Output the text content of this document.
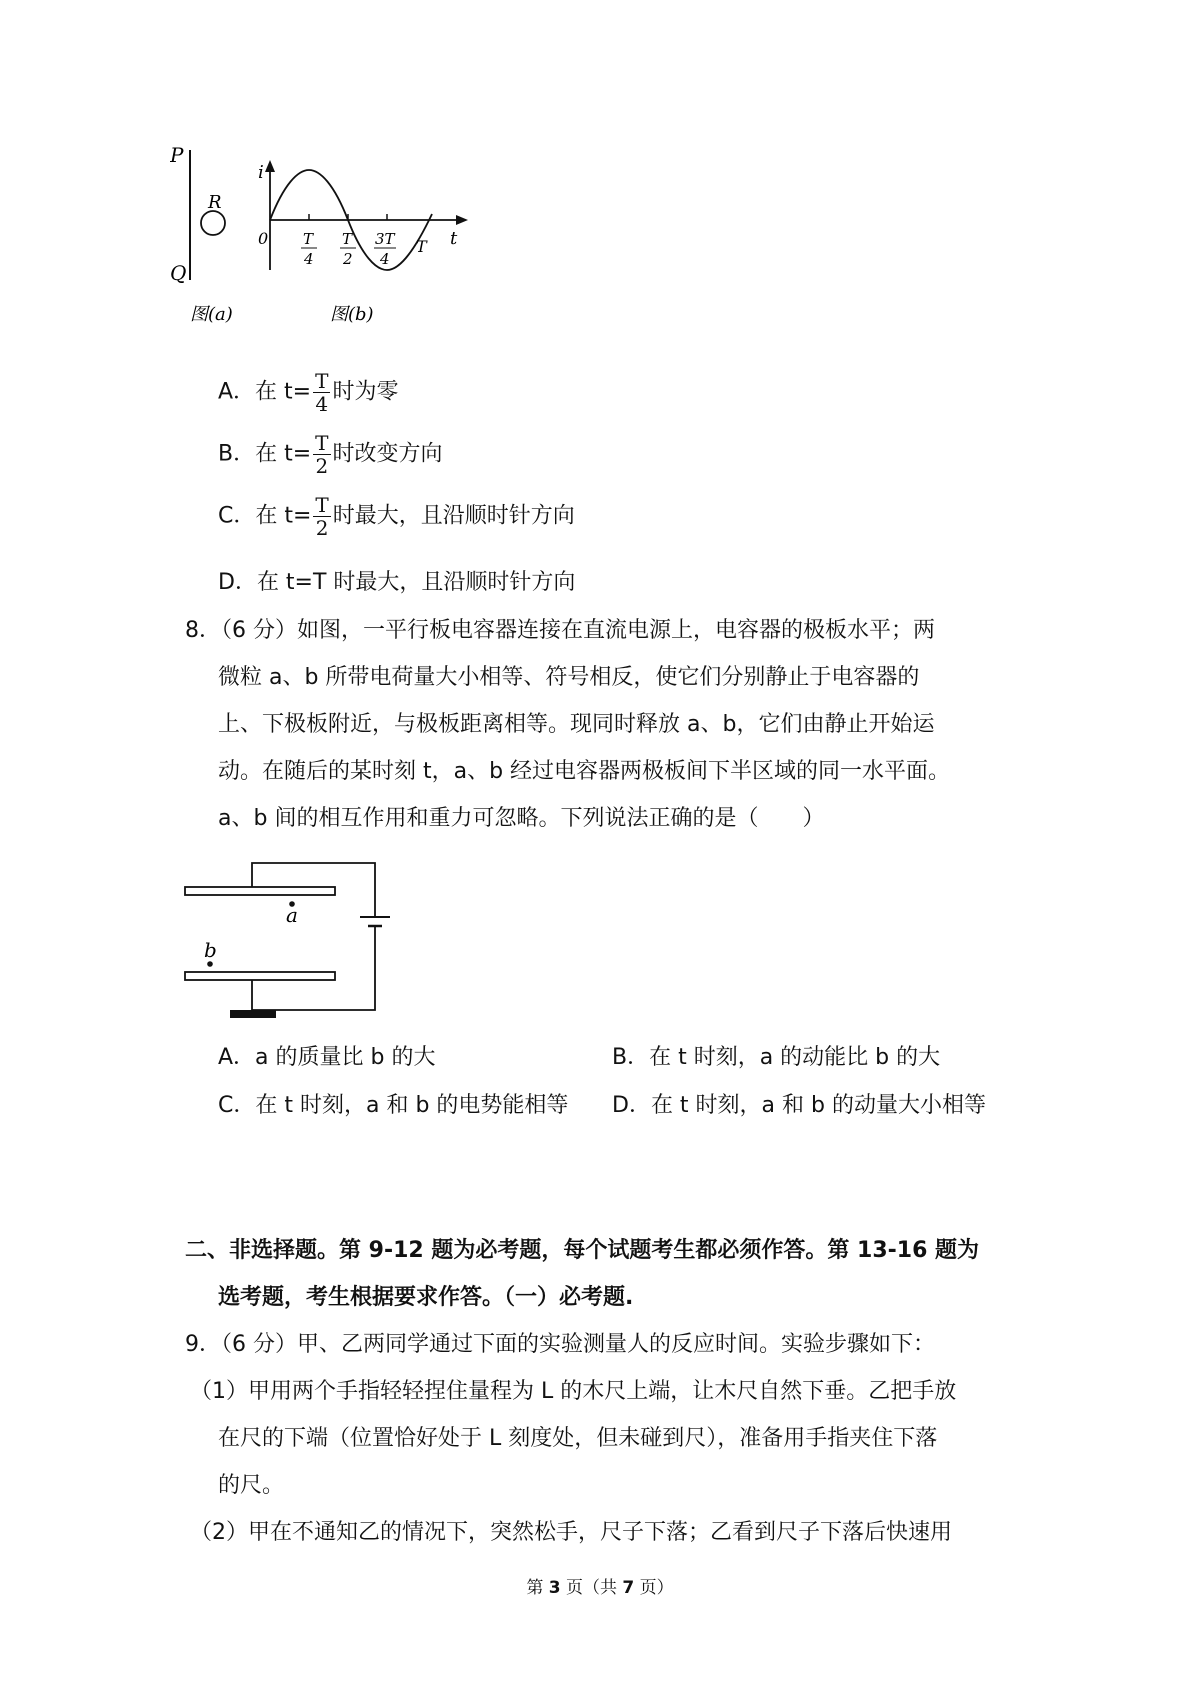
P
Q
R
i
t
0 T
4
T
2
3T
4
T
图(a)	图(b)
A．在 $t= \frac{T}{4}$ 时为零
B．在 $t= \frac{T}{2}$ 时改变方向
C．在 $t= \frac{T}{2}$ 时最大，且沿顺时针方向
D．在 t=T 时最大，且沿顺时针方向
8．（6 分）如图，一平行板电容器连接在直流电源上，电容器的极板水平；两
微粒 a、b 所带电荷量大小相等、符号相反，使它们分别静止于电容器的
上、下极板附近，与极板距离相等。现同时释放 a、b，它们由静止开始运
动。在随后的某时刻 t，a、b 经过电容器两极板间下半区域的同一水平面。
a、b 间的相互作用和重力可忽略。下列说法正确的是（　　）
a
b
A．a 的质量比 b 的大	B．在 t 时刻，a 的动能比 b 的大
C．在 t 时刻，a 和 b 的电势能相等 D．在 t 时刻，a 和 b 的动量大小相等
二、非选择题。第 9-12 题为必考题，每个试题考生都必须作答。第 13-16 题为
选考题，考生根据要求作答。（一）必考题.
9．（6 分）甲、乙两同学通过下面的实验测量人的反应时间。实验步骤如下：
（1）甲用两个手指轻轻捏住量程为 L 的木尺上端，让木尺自然下垂。乙把手放
在尺的下端（位置恰好处于 L 刻度处，但未碰到尺），准备用手指夹住下落
的尺。
（2）甲在不通知乙的情况下，突然松手，尺子下落；乙看到尺子下落后快速用
第 3 页（共 7 页）
